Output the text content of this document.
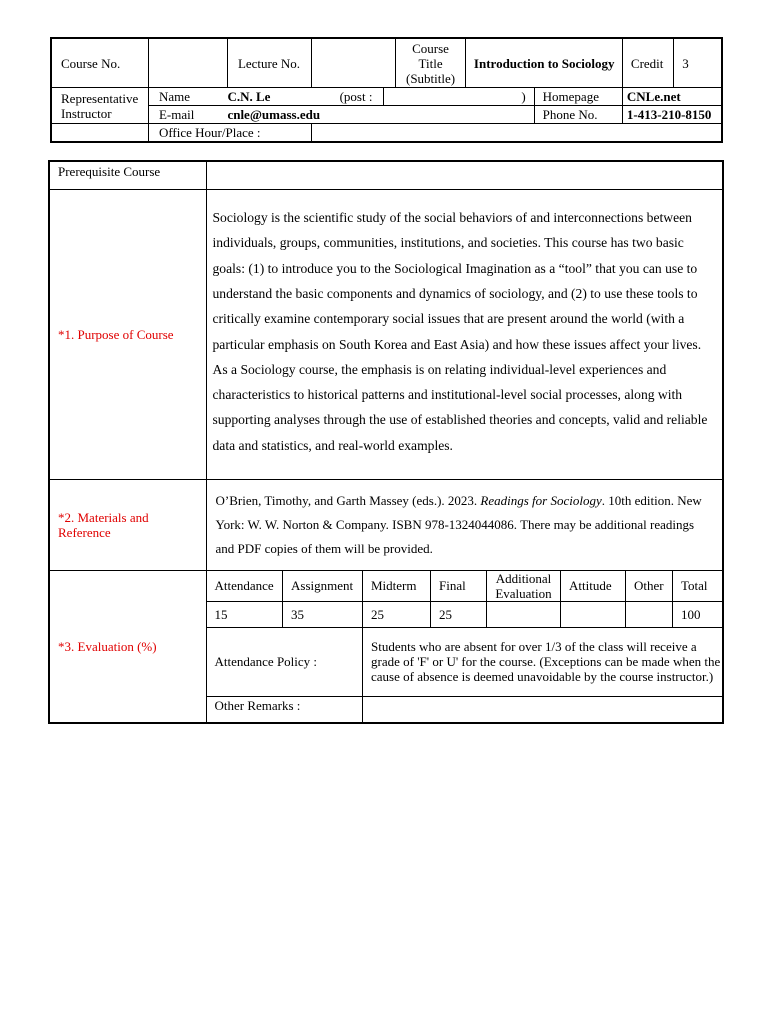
Course No.		Lecture No.			Course
Title
(Subtitle)	Introduction to Sociology		Credit	3
Representative Instructor	Name	C.N. Le	(post :			)	Homepage	CNLe.net	
	E-mail	cnle@umass.edu					Phone No.	1-413-210-8150	
	Office Hour/Place :								
Prerequisite Course	
*1. Purpose of Course	Sociology is the scientific study of the social behaviors of and interconnections between individuals, groups, communities, institutions, and societies. This course has two basic goals: (1) to introduce you to the Sociological Imagination as a “tool” that you can use to understand the basic components and dynamics of sociology, and (2) to use these tools to critically examine contemporary social issues that are present around the world (with a particular emphasis on South Korea and East Asia) and how these issues affect your lives. As a Sociology course, the emphasis is on relating individual-level experiences and characteristics to historical patterns and institutional-level social processes, along with supporting analyses through the use of established theories and concepts, valid and reliable data and statistics, and real-world examples.
*2. Materials and Reference	O’Brien, Timothy, and Garth Massey (eds.). 2023. Readings for Sociology. 10th edition. New York: W. W. Norton & Company. ISBN 978-1324044086. There may be additional readings and PDF copies of them will be provided.
*3. Evaluation (%)	
Attendance	Assignment	Midterm	Final	Additional Evaluation	Attitude	Other	Total
15	35	25	25				100
Attendance Policy :	Students who are absent for over 1/3 of the class will receive a grade of 'F' or U' for the course. (Exceptions can be made when the cause of absence is deemed unavoidable by the course instructor.)
Other Remarks :	
